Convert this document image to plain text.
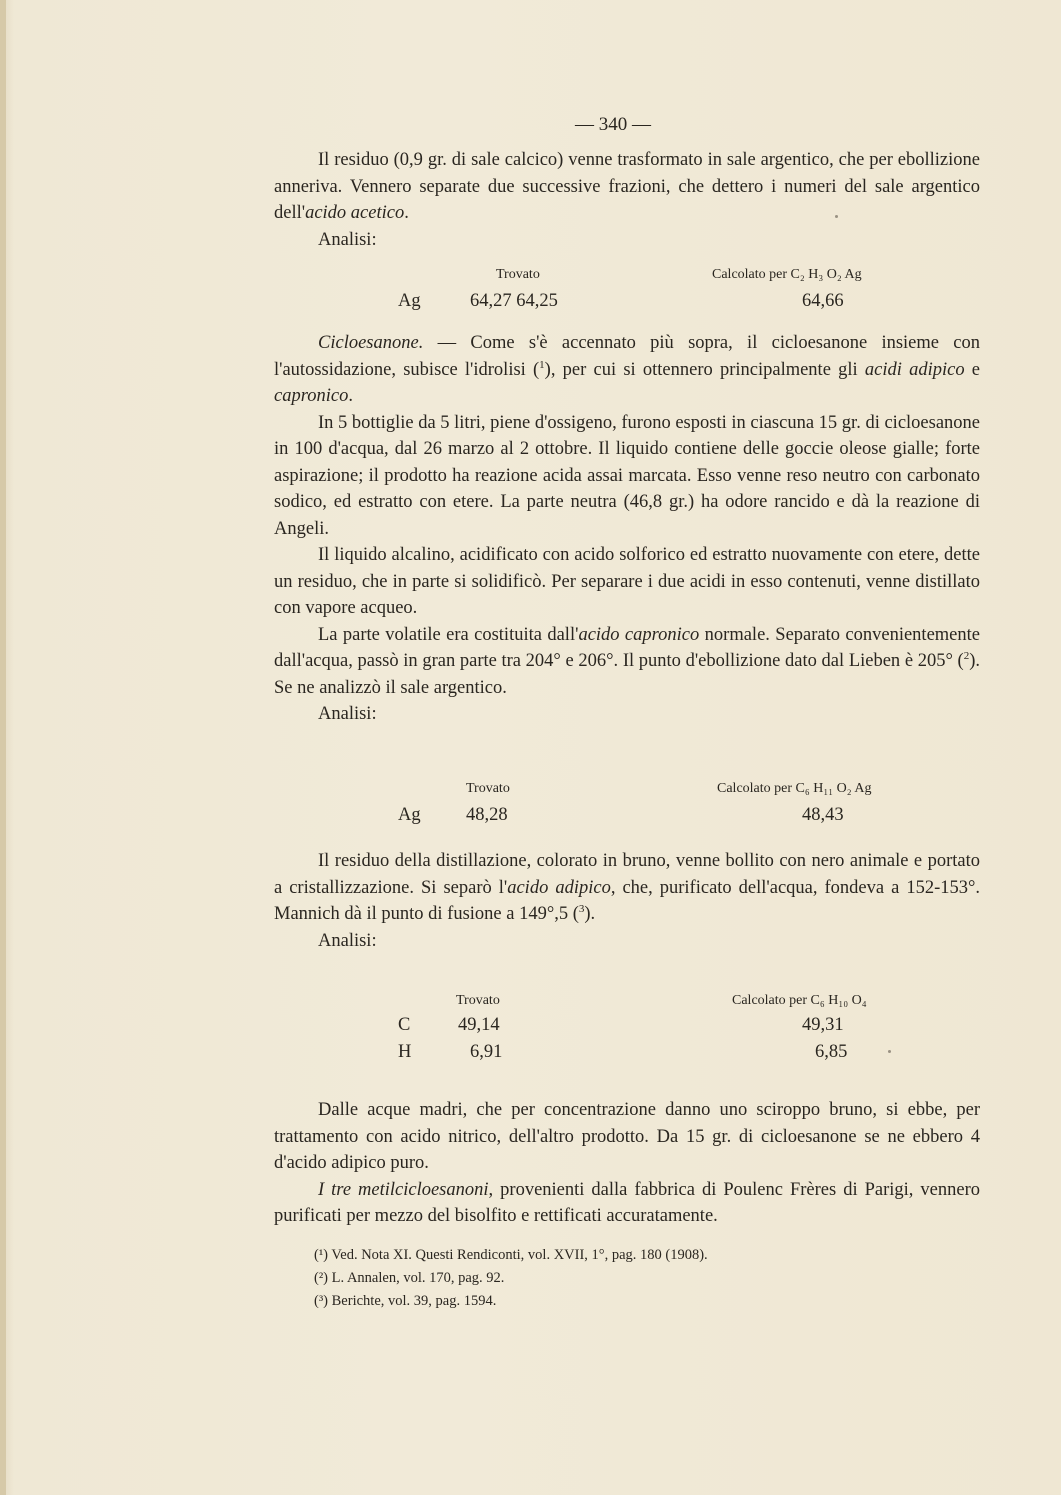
— 340 —

Il residuo (0,9 gr. di sale calcico) venne trasformato in sale argentico, che per ebollizione anneriva. Vennero separate due successive frazioni, che dettero i numeri del sale argentico dell'acido acetico.

Analisi:

Trovato	Calcolato per C₂ H₃ O₂ Ag
Ag	64,27 64,25	64,66

Cicloesanone. — Come s'è accennato più sopra, il cicloesanone insieme con l'autossidazione, subisce l'idrolisi ($^1$), per cui si ottennero principalmente gli acidi adipico e capronico.

In 5 bottiglie da 5 litri, piene d'ossigeno, furono esposti in ciascuna 15 gr. di cicloesanone in 100 d'acqua, dal 26 marzo al 2 ottobre. Il liquido contiene delle goccie oleose gialle; forte aspirazione; il prodotto ha reazione acida assai marcata. Esso venne reso neutro con carbonato sodico, ed estratto con etere. La parte neutra (46,8 gr.) ha odore rancido e dà la reazione di Angeli.

Il liquido alcalino, acidificato con acido solforico ed estratto nuovamente con etere, dette un residuo, che in parte si solidificò. Per separare i due acidi in esso contenuti, venne distillato con vapore acqueo.

La parte volatile era costituita dall'acido capronico normale. Separato convenientemente dall'acqua, passò in gran parte tra 204° e 206°. Il punto d'ebollizione dato dal Lieben è 205° ($^2$). Se ne analizzò il sale argentico.

Analisi:

Trovato	Calcolato per C₆ H₁₁ O₂ Ag
Ag 48,28	48,43

Il residuo della distillazione, colorato in bruno, venne bollito con nero animale e portato a cristallizzazione. Si separò l'acido adipico, che, purificato dell'acqua, fondeva a 152-153°. Mannich dà il punto di fusione a 149°,5 ($^3$).

Analisi:

Trovato	Calcolato per C₆ H₁₀ O₄
C	49,14	49,31
H	6,91	6,85

Dalle acque madri, che per concentrazione danno uno sciroppo bruno, si ebbe, per trattamento con acido nitrico, dell'altro prodotto. Da 15 gr. di cicloesanone se ne ebbero 4 d'acido adipico puro.

I tre metilcicloesanoni, provenienti dalla fabbrica di Poulenc Frères di Parigi, vennero purificati per mezzo del bisolfito e rettificati accuratamente.

(¹) Ved. Nota XI. Questi Rendiconti, vol. XVII, 1°, pag. 180 (1908).
(²) L. Annalen, vol. 170, pag. 92.
(³) Berichte, vol. 39, pag. 1594.
